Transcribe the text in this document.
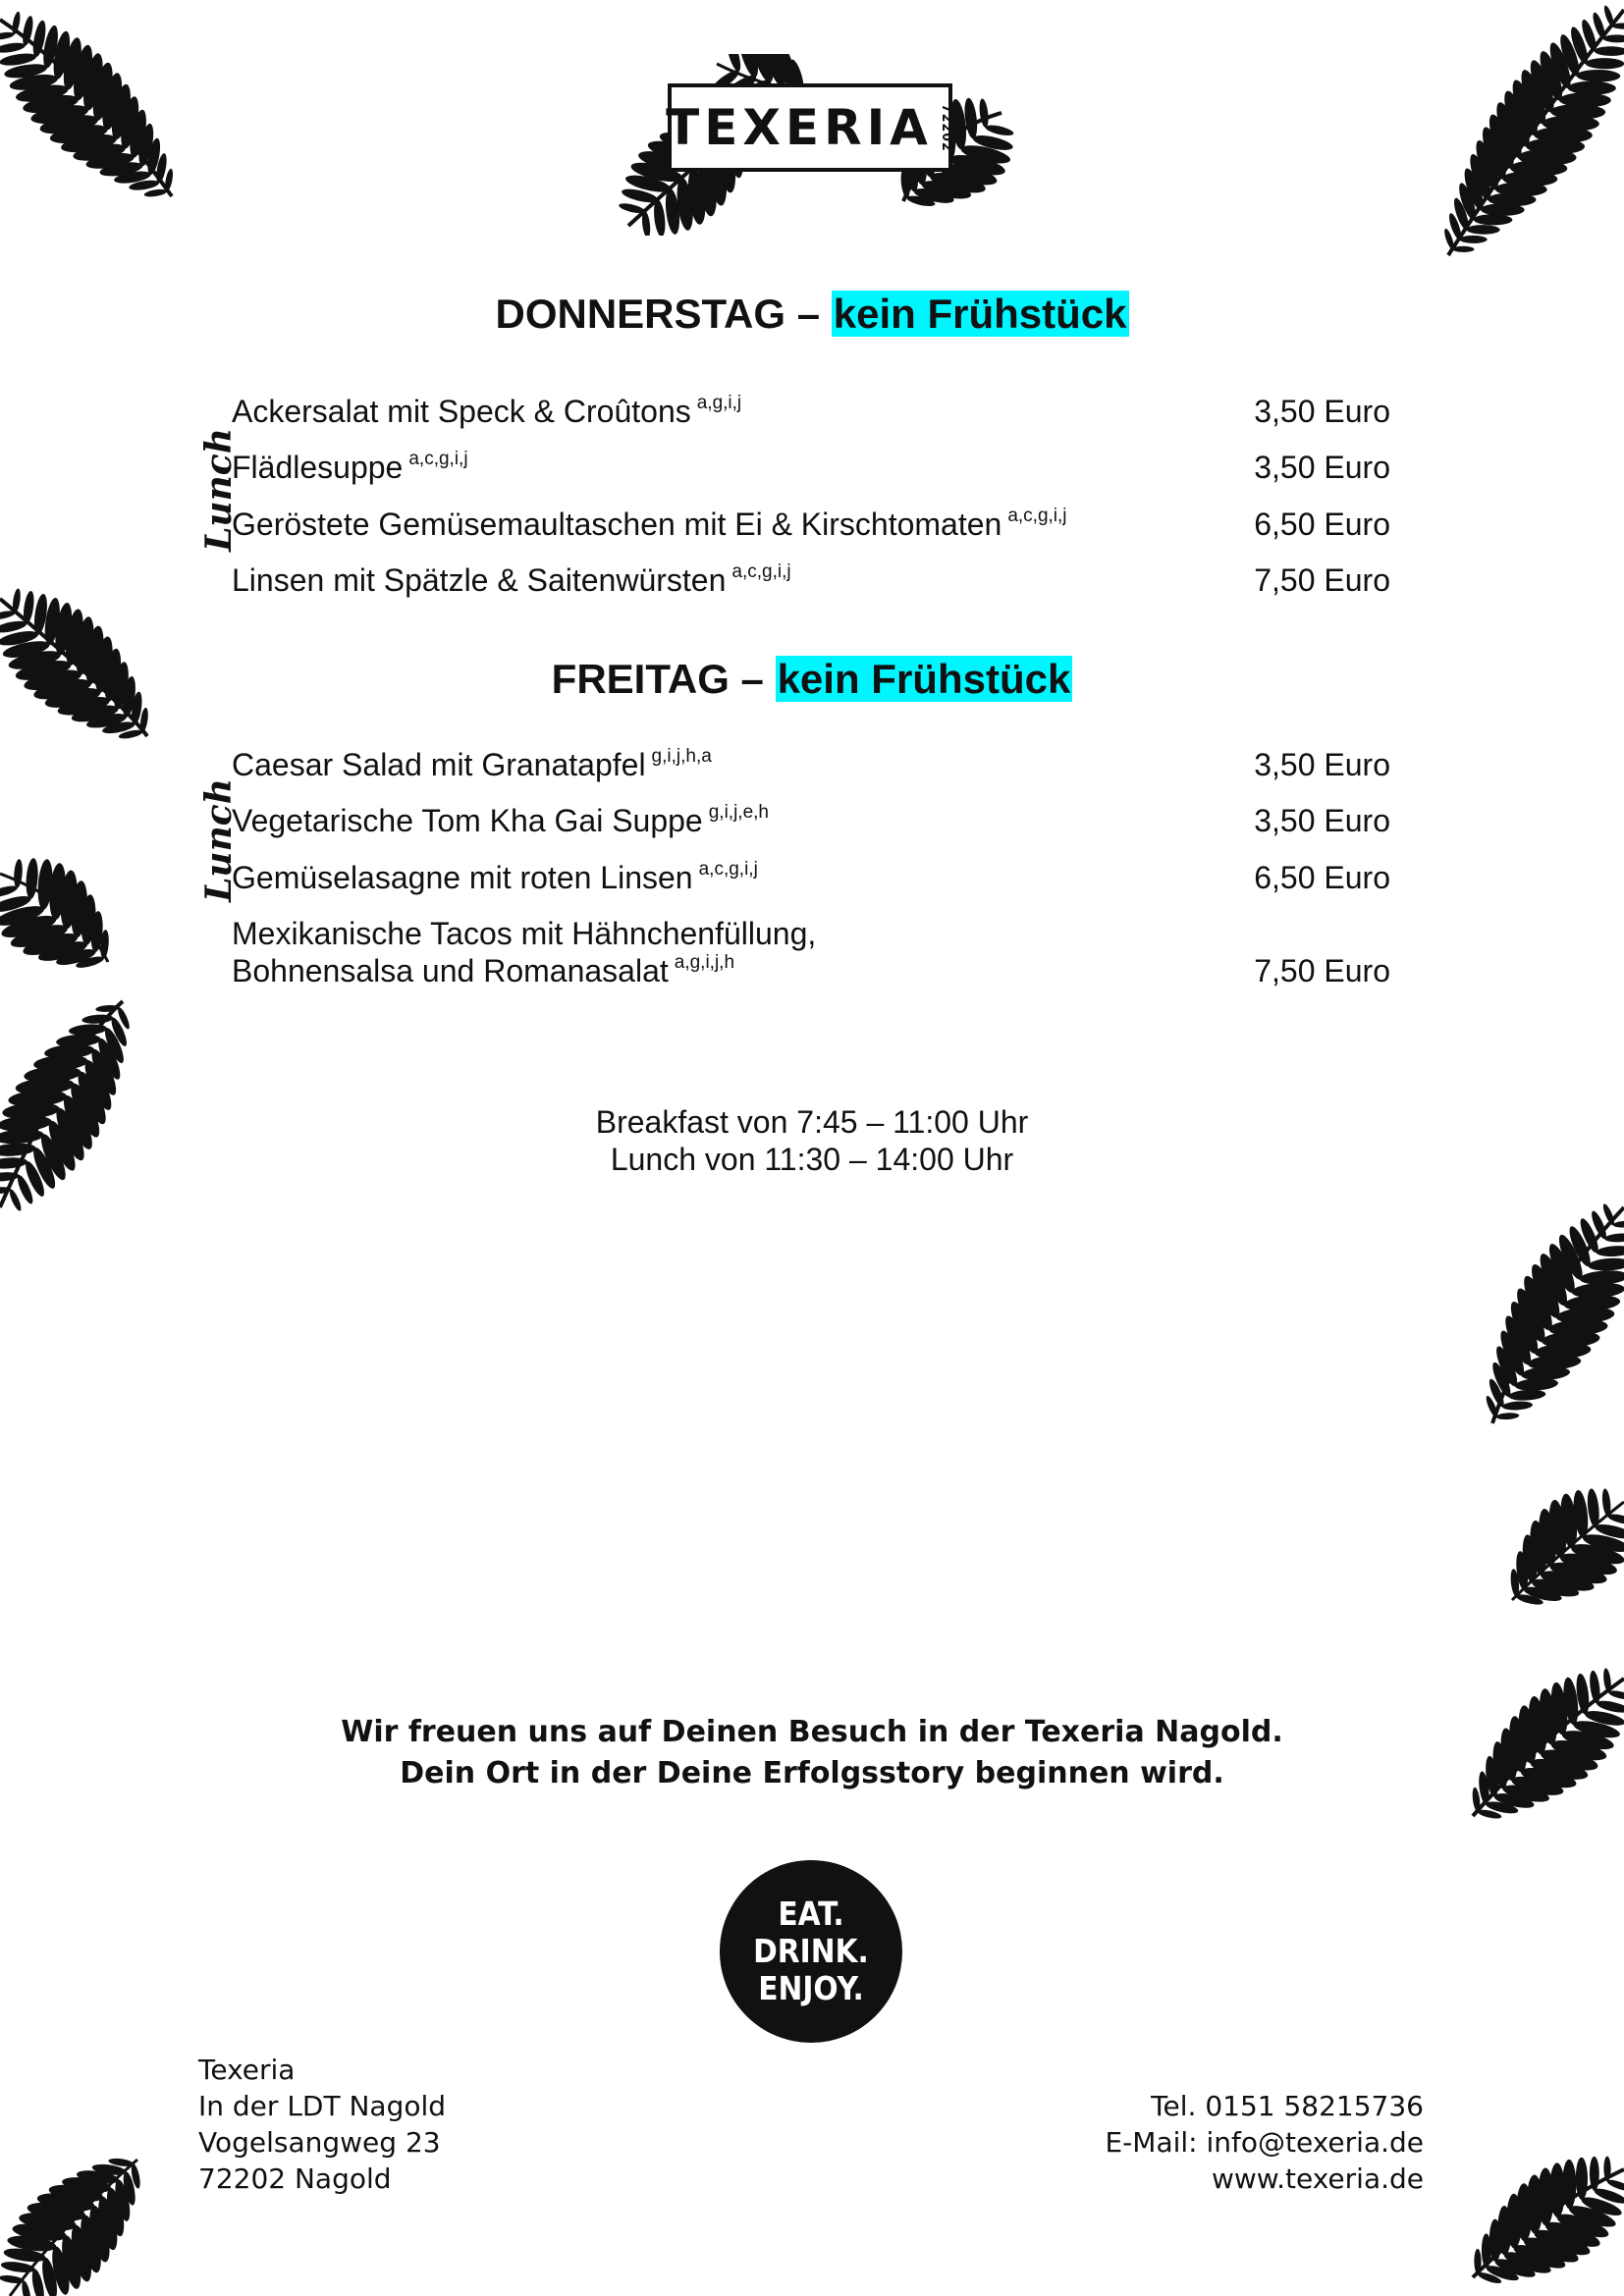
TEXERIA 72202
DONNERSTAG – kein Frühstück
Lunch
Ackersalat mit Speck & Croûtons $^{a,g,i,j}$	3,50 Euro
Flädlesuppe $^{a,c,g,i,j}$	3,50 Euro
Geröstete Gemüsemaultaschen mit Ei & Kirschtomaten $^{a,c,g,i,j}$	6,50 Euro
Linsen mit Spätzle & Saitenwürsten $^{a,c,g,i,j}$	7,50 Euro
FREITAG – kein Frühstück
Lunch
Caesar Salad mit Granatapfel $^{g,i,j,h,a}$	3,50 Euro
Vegetarische Tom Kha Gai Suppe $^{g,i,j,e,h}$	3,50 Euro
Gemüselasagne mit roten Linsen $^{a,c,g,i,j}$	6,50 Euro
Mexikanische Tacos mit Hähnchenfüllung,
Bohnensalsa und Romanasalat $^{a,g,i,j,h}$	7,50 Euro
Breakfast von 7:45 – 11:00 Uhr
Lunch von 11:30 – 14:00 Uhr
Wir freuen uns auf Deinen Besuch in der Texeria Nagold.
Dein Ort in der Deine Erfolgsstory beginnen wird.
EAT.
DRINK.
ENJOY.
Texeria
In der LDT Nagold
Vogelsangweg 23
72202 Nagold
Tel. 0151 58215736
E-Mail: info@texeria.de
www.texeria.de
